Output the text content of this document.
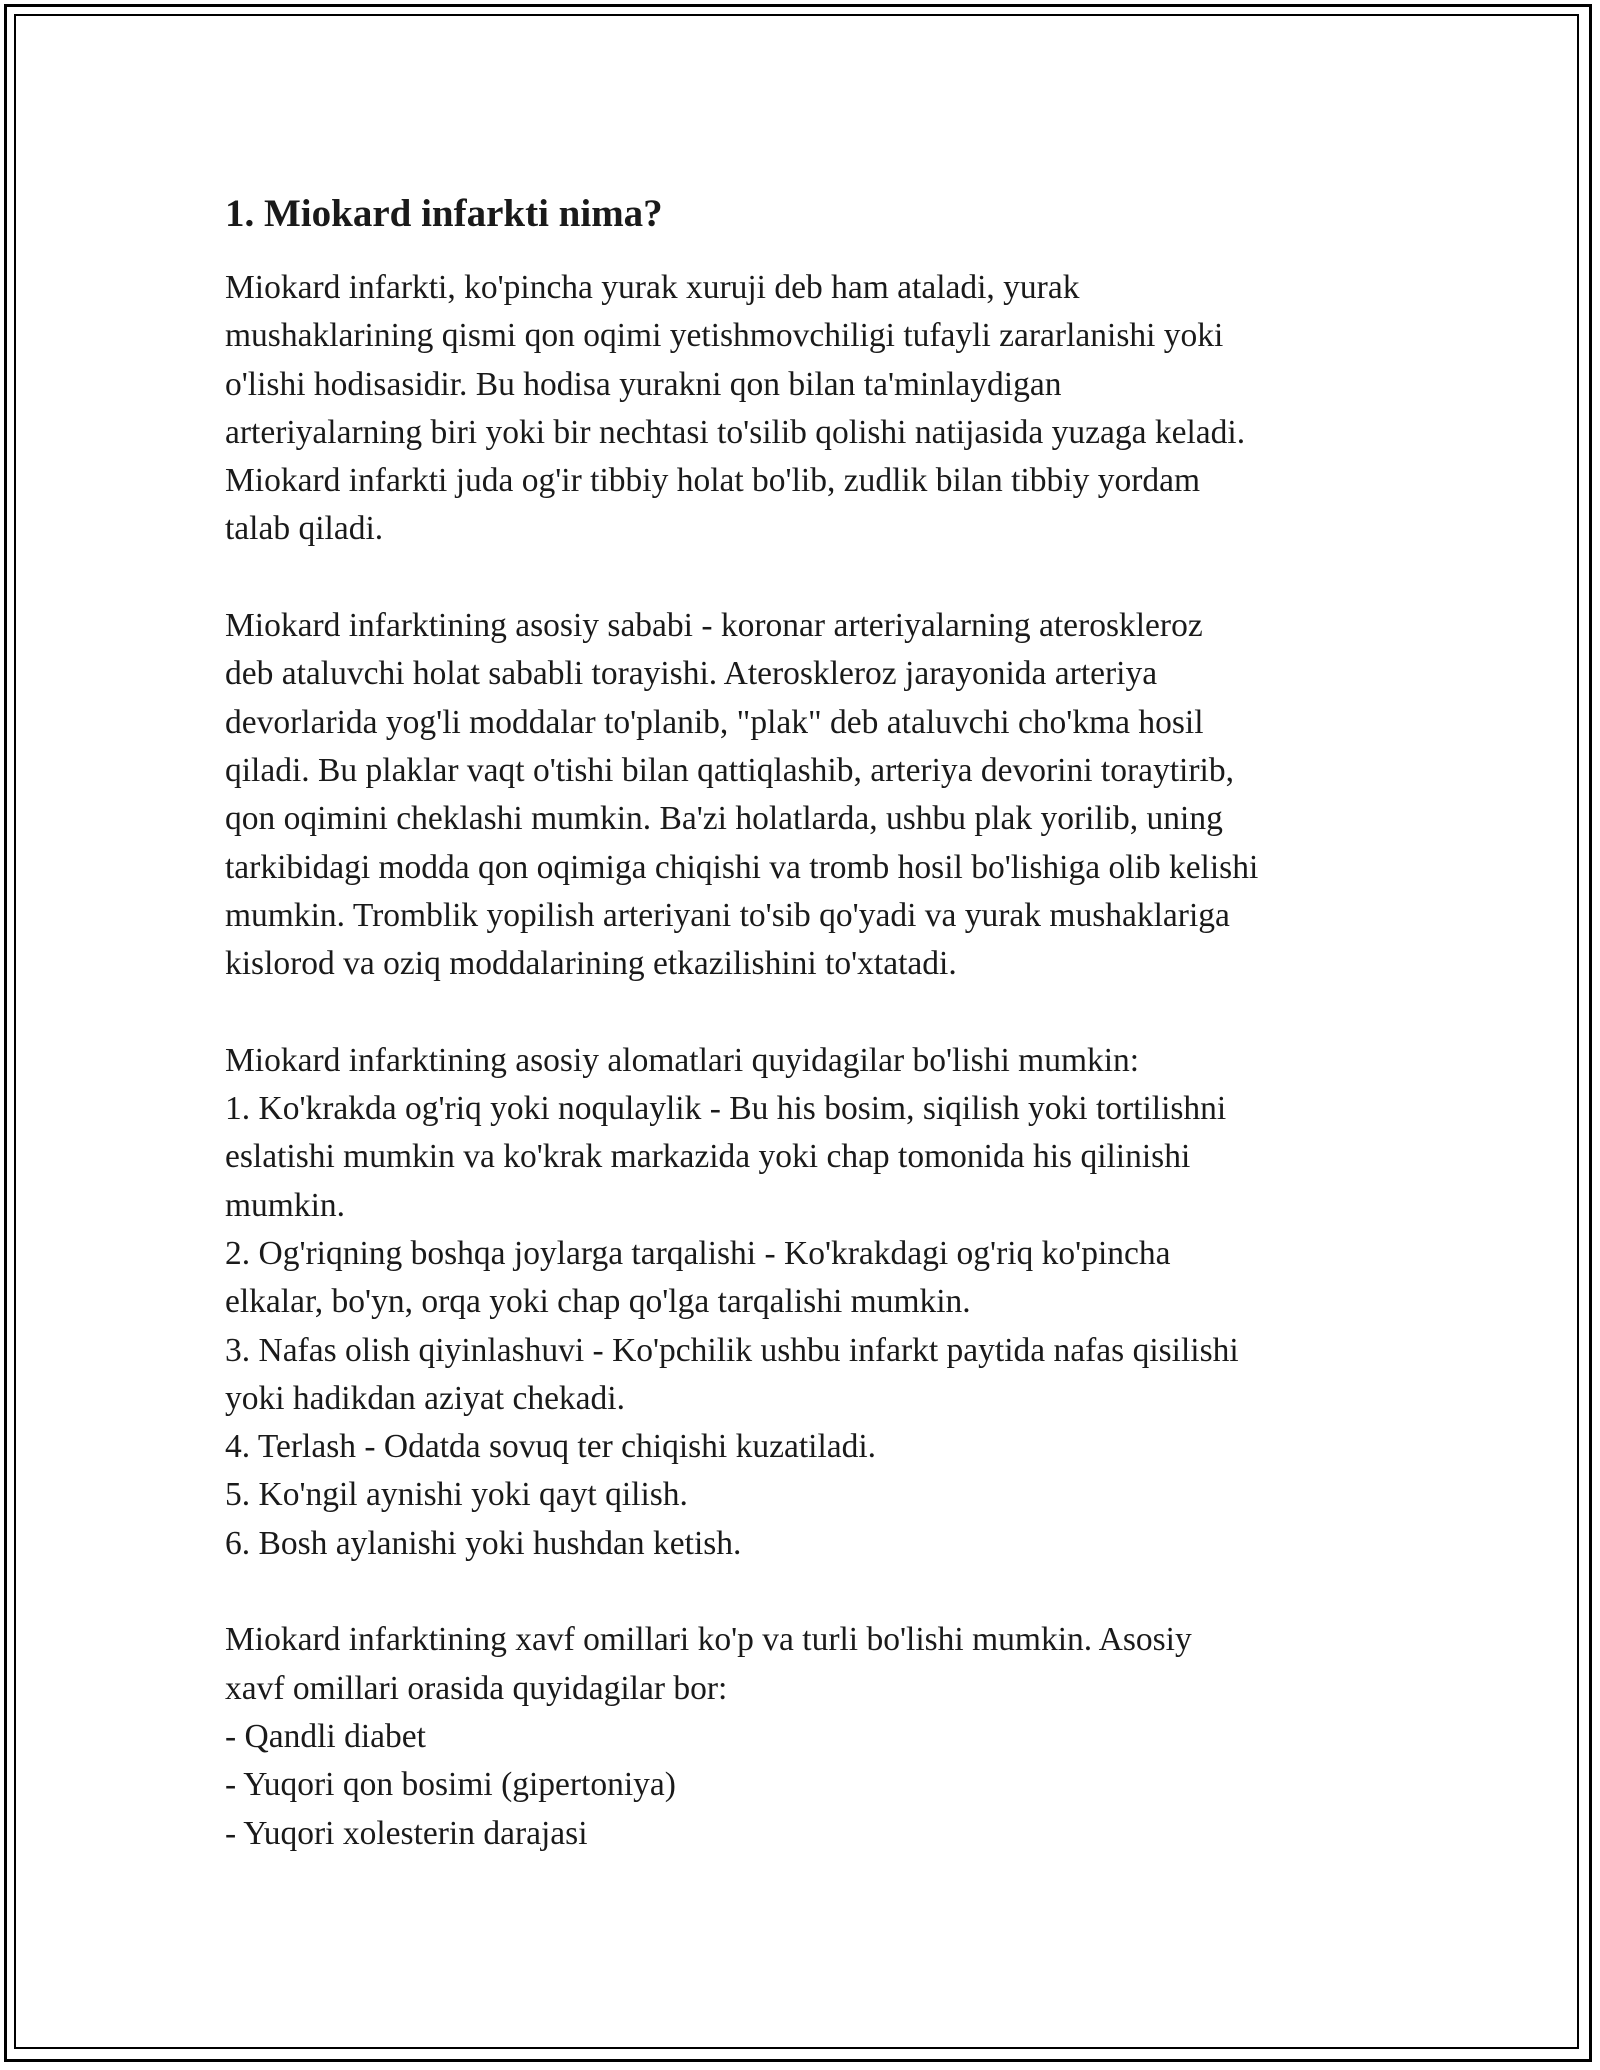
1. Miokard infarkti nima?

Miokard infarkti, ko'pincha yurak xuruji deb ham ataladi, yurak
mushaklarining qismi qon oqimi yetishmovchiligi tufayli zararlanishi yoki
o'lishi hodisasidir. Bu hodisa yurakni qon bilan ta'minlaydigan
arteriyalarning biri yoki bir nechtasi to'silib qolishi natijasida yuzaga keladi.
Miokard infarkti juda og'ir tibbiy holat bo'lib, zudlik bilan tibbiy yordam
talab qiladi.

Miokard infarktining asosiy sababi - koronar arteriyalarning ateroskleroz
deb ataluvchi holat sababli torayishi. Ateroskleroz jarayonida arteriya
devorlarida yog'li moddalar to'planib, "plak" deb ataluvchi cho'kma hosil
qiladi. Bu plaklar vaqt o'tishi bilan qattiqlashib, arteriya devorini toraytirib,
qon oqimini cheklashi mumkin. Ba'zi holatlarda, ushbu plak yorilib, uning
tarkibidagi modda qon oqimiga chiqishi va tromb hosil bo'lishiga olib kelishi
mumkin. Tromblik yopilish arteriyani to'sib qo'yadi va yurak mushaklariga
kislorod va oziq moddalarining etkazilishini to'xtatadi.

Miokard infarktining asosiy alomatlari quyidagilar bo'lishi mumkin:
1. Ko'krakda og'riq yoki noqulaylik - Bu his bosim, siqilish yoki tortilishni
eslatishi mumkin va ko'krak markazida yoki chap tomonida his qilinishi
mumkin.
2. Og'riqning boshqa joylarga tarqalishi - Ko'krakdagi og'riq ko'pincha
elkalar, bo'yn, orqa yoki chap qo'lga tarqalishi mumkin.
3. Nafas olish qiyinlashuvi - Ko'pchilik ushbu infarkt paytida nafas qisilishi
yoki hadikdan aziyat chekadi.
4. Terlash - Odatda sovuq ter chiqishi kuzatiladi.
5. Ko'ngil aynishi yoki qayt qilish.
6. Bosh aylanishi yoki hushdan ketish.

Miokard infarktining xavf omillari ko'p va turli bo'lishi mumkin. Asosiy
xavf omillari orasida quyidagilar bor:
- Qandli diabet
- Yuqori qon bosimi (gipertoniya)
- Yuqori xolesterin darajasi
